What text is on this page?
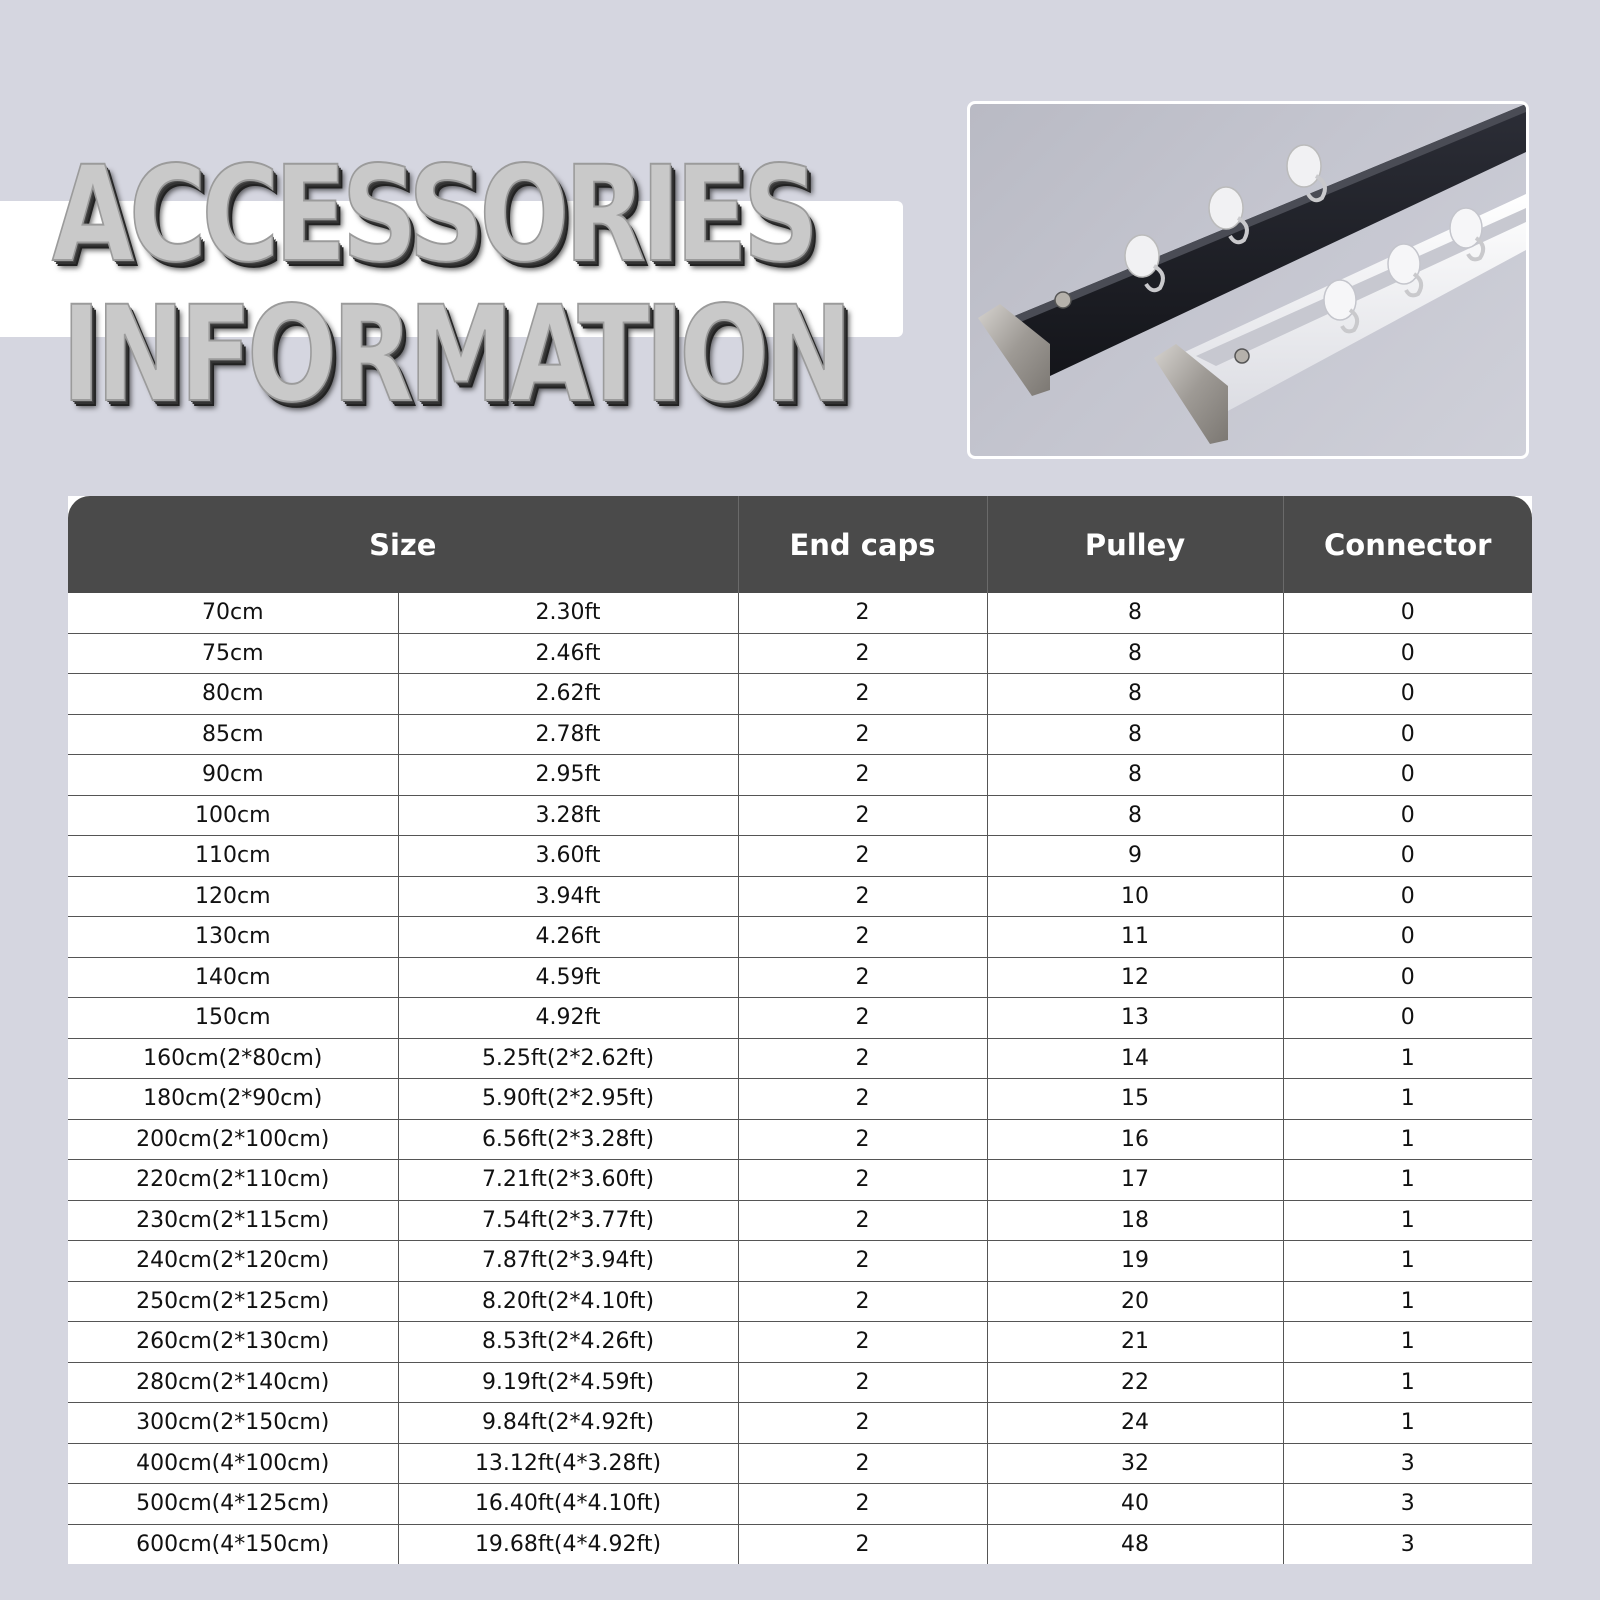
ACCESSORIES
INFORMATION
Size		End caps	Pulley	Connector
70cm	2.30ft	2	8	0
75cm	2.46ft	2	8	0
80cm	2.62ft	2	8	0
85cm	2.78ft	2	8	0
90cm	2.95ft	2	8	0
100cm	3.28ft	2	8	0
110cm	3.60ft	2	9	0
120cm	3.94ft	2	10	0
130cm	4.26ft	2	11	0
140cm	4.59ft	2	12	0
150cm	4.92ft	2	13	0
160cm(2*80cm)	5.25ft(2*2.62ft)	2	14	1
180cm(2*90cm)	5.90ft(2*2.95ft)	2	15	1
200cm(2*100cm)	6.56ft(2*3.28ft)	2	16	1
220cm(2*110cm)	7.21ft(2*3.60ft)	2	17	1
230cm(2*115cm)	7.54ft(2*3.77ft)	2	18	1
240cm(2*120cm)	7.87ft(2*3.94ft)	2	19	1
250cm(2*125cm)	8.20ft(2*4.10ft)	2	20	1
260cm(2*130cm)	8.53ft(2*4.26ft)	2	21	1
280cm(2*140cm)	9.19ft(2*4.59ft)	2	22	1
300cm(2*150cm)	9.84ft(2*4.92ft)	2	24	1
400cm(4*100cm)	13.12ft(4*3.28ft)	2	32	3
500cm(4*125cm)	16.40ft(4*4.10ft)	2	40	3
600cm(4*150cm)	19.68ft(4*4.92ft)	2	48	3
